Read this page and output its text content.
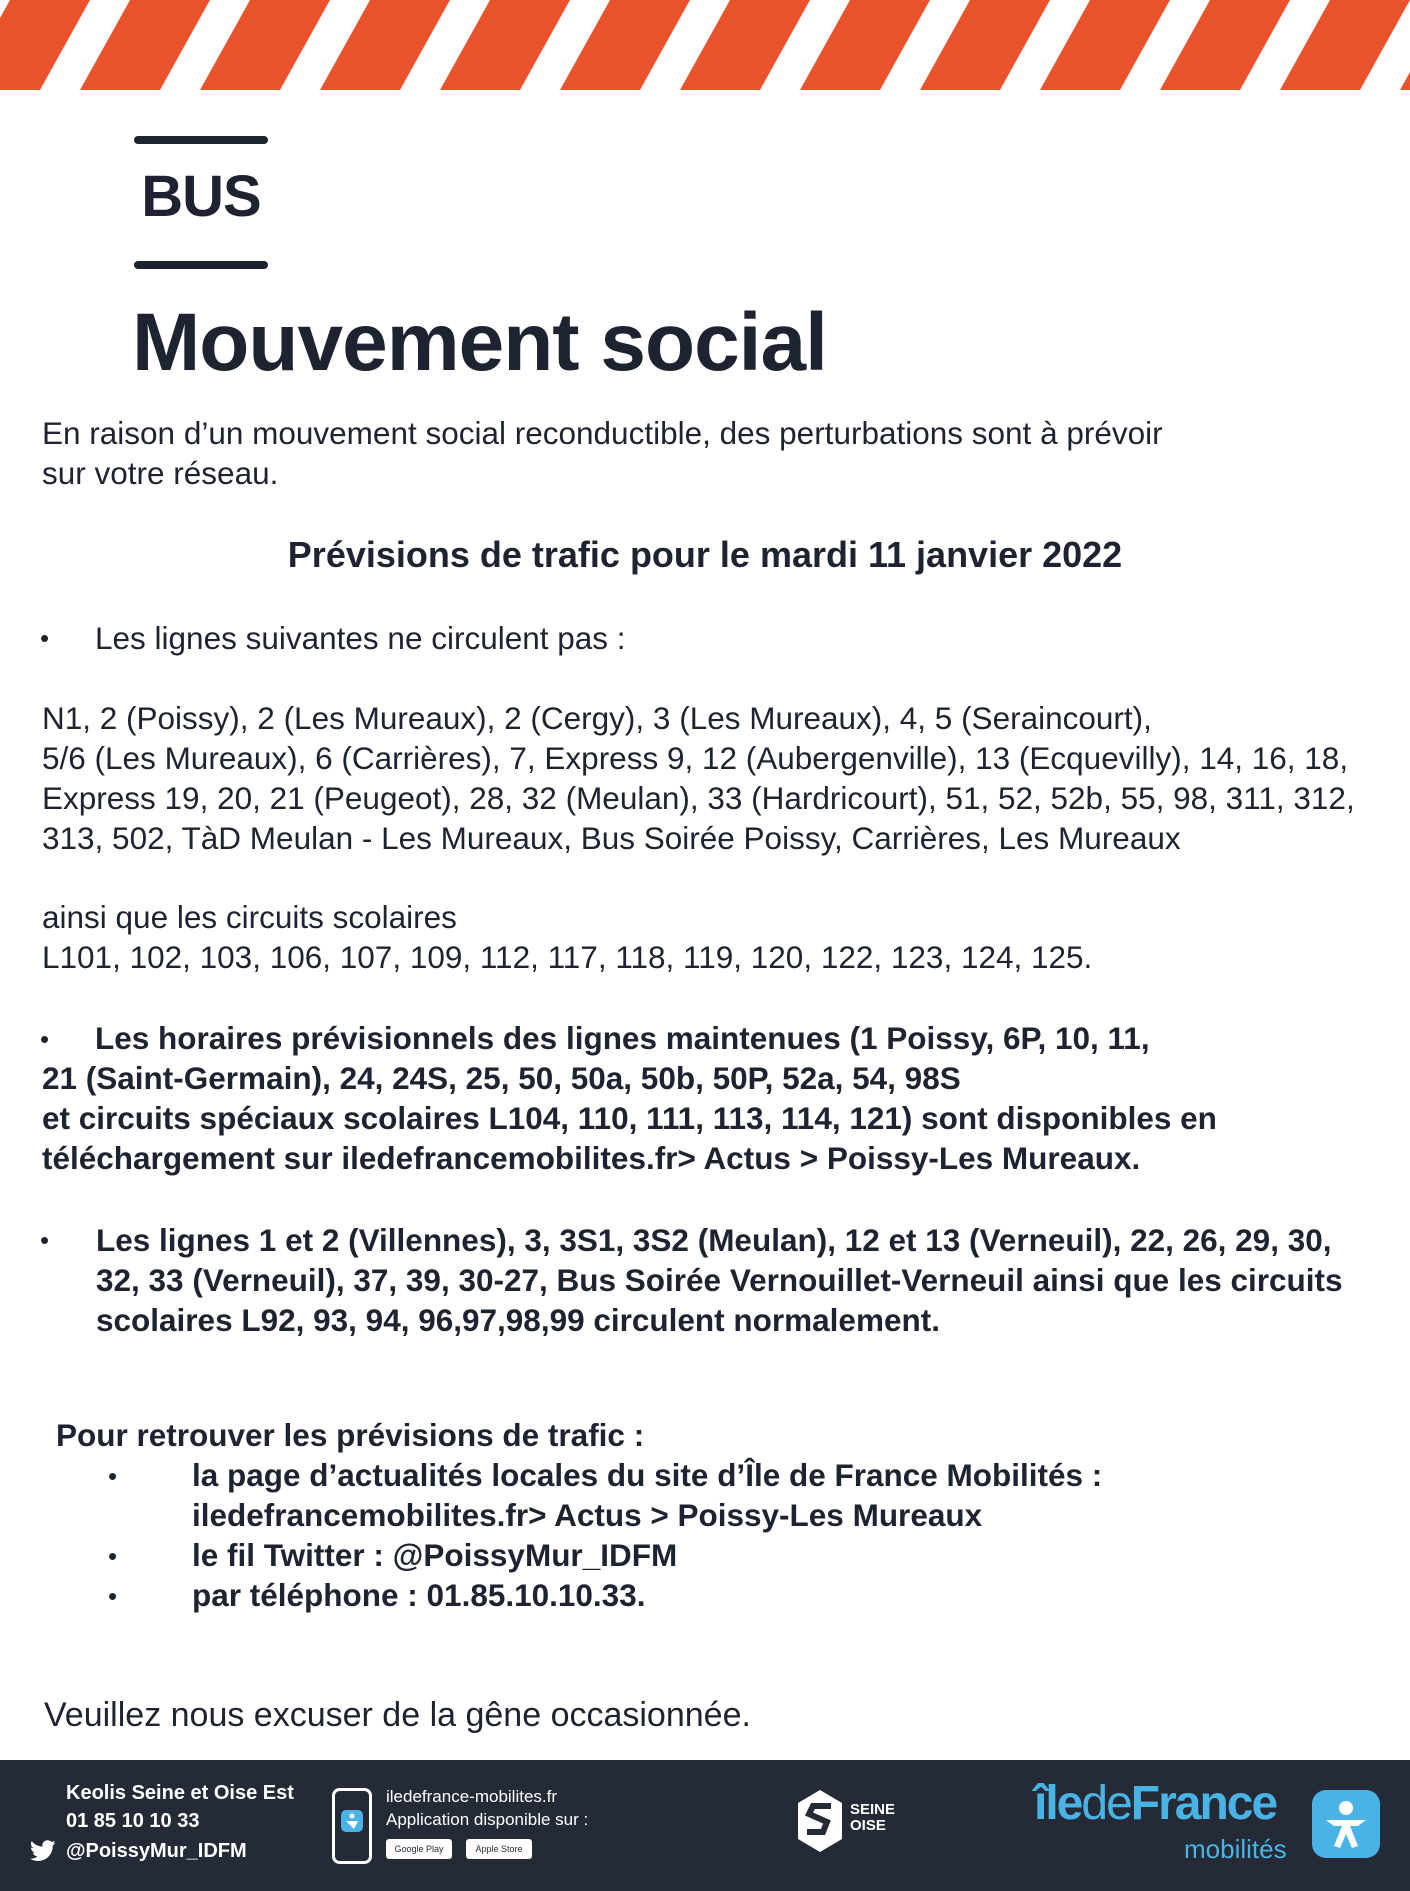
BUS
Mouvement social
En raison d’un mouvement social reconductible, des perturbations sont à prévoir
sur votre réseau.
Prévisions de trafic pour le mardi 11 janvier 2022
• Les lignes suivantes ne circulent pas :
N1, 2 (Poissy), 2 (Les Mureaux), 2 (Cergy), 3 (Les Mureaux), 4, 5 (Seraincourt),
5/6 (Les Mureaux), 6 (Carrières), 7, Express 9, 12 (Aubergenville), 13 (Ecquevilly), 14, 16, 18,
Express 19, 20, 21 (Peugeot), 28, 32 (Meulan), 33 (Hardricourt), 51, 52, 52b, 55, 98, 311, 312,
313, 502, TàD Meulan - Les Mureaux, Bus Soirée Poissy, Carrières, Les Mureaux
ainsi que les circuits scolaires
L101, 102, 103, 106, 107, 109, 112, 117, 118, 119, 120, 122, 123, 124, 125.
•	Les horaires prévisionnels des lignes maintenues (1 Poissy, 6P, 10, 11,
21 (Saint-Germain), 24, 24S, 25, 50, 50a, 50b, 50P, 52a, 54, 98S
et circuits spéciaux scolaires L104, 110, 111, 113, 114, 121) sont disponibles en
téléchargement sur iledefrancemobilites.fr> Actus > Poissy-Les Mureaux.
• Les lignes 1 et 2 (Villennes), 3, 3S1, 3S2 (Meulan), 12 et 13 (Verneuil), 22, 26, 29, 30,
32, 33 (Verneuil), 37, 39, 30-27, Bus Soirée Vernouillet-Verneuil ainsi que les circuits
scolaires L92, 93, 94, 96,97,98,99 circulent normalement.
Pour retrouver les prévisions de trafic :
• la page d’actualités locales du site d’Île de France Mobilités :
iledefrancemobilites.fr> Actus > Poissy-Les Mureaux
• le fil Twitter : @PoissyMur_IDFM
• par téléphone : 01.85.10.10.33.
Veuillez nous excuser de la gêne occasionnée.
Keolis Seine et Oise Est
01 85 10 10 33
@PoissyMur_IDFM
iledefrance-mobilites.fr
Application disponible sur :
Google Play	Apple Store
SEINE
OISE	îledeFrance
mobilités
